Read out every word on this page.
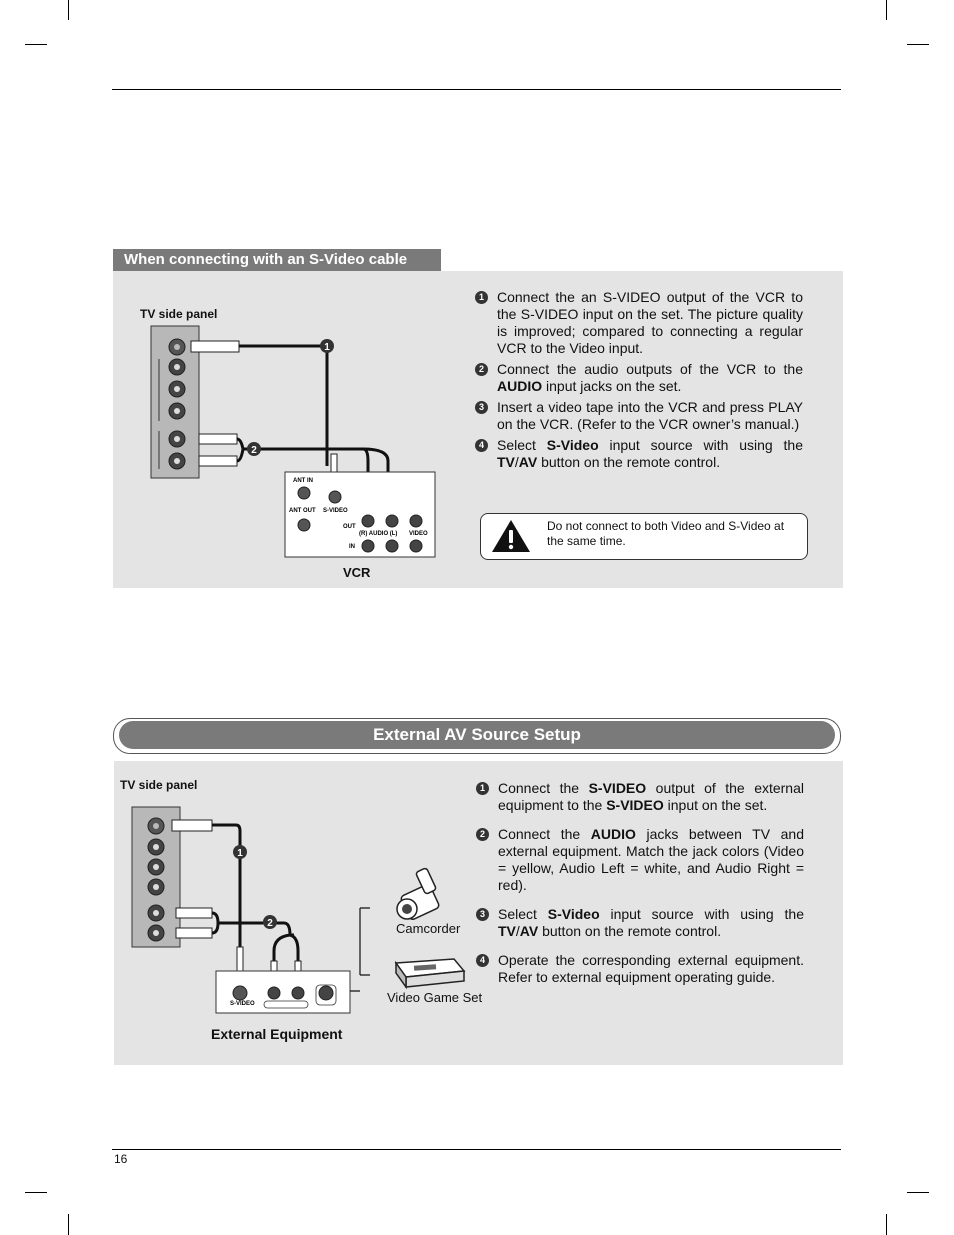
16
When connecting with an S-Video cable
TV side panel
1
2
ANT IN
ANT OUT S-VIDEO
OUT
(R) AUDIO (L) VIDEO
IN
VCR
1 Connect the an S-VIDEO output of the VCR to the S-VIDEO input on the set. The picture quality is improved; compared to connecting a regular VCR to the Video input.
2 Connect the audio outputs of the VCR to the AUDIO input jacks on the set.
3 Insert a video tape into the VCR and press PLAY on the VCR. (Refer to the VCR owner’s manual.)
4 Select S-Video input source with using the TV/AV button on the remote control.
Do not connect to both Video and S-Video at the same time.
External AV Source Setup
TV side panel
1
2
S-VIDEO
Camcorder
Video Game Set
External Equipment
1 Connect the S-VIDEO output of the external equipment to the S-VIDEO input on the set.
2 Connect the AUDIO jacks between TV and external equipment. Match the jack colors (Video = yellow, Audio Left = white, and Audio Right = red).
3 Select S-Video input source with using the TV/AV button on the remote control.
4 Operate the corresponding external equipment. Refer to external equipment operating guide.
